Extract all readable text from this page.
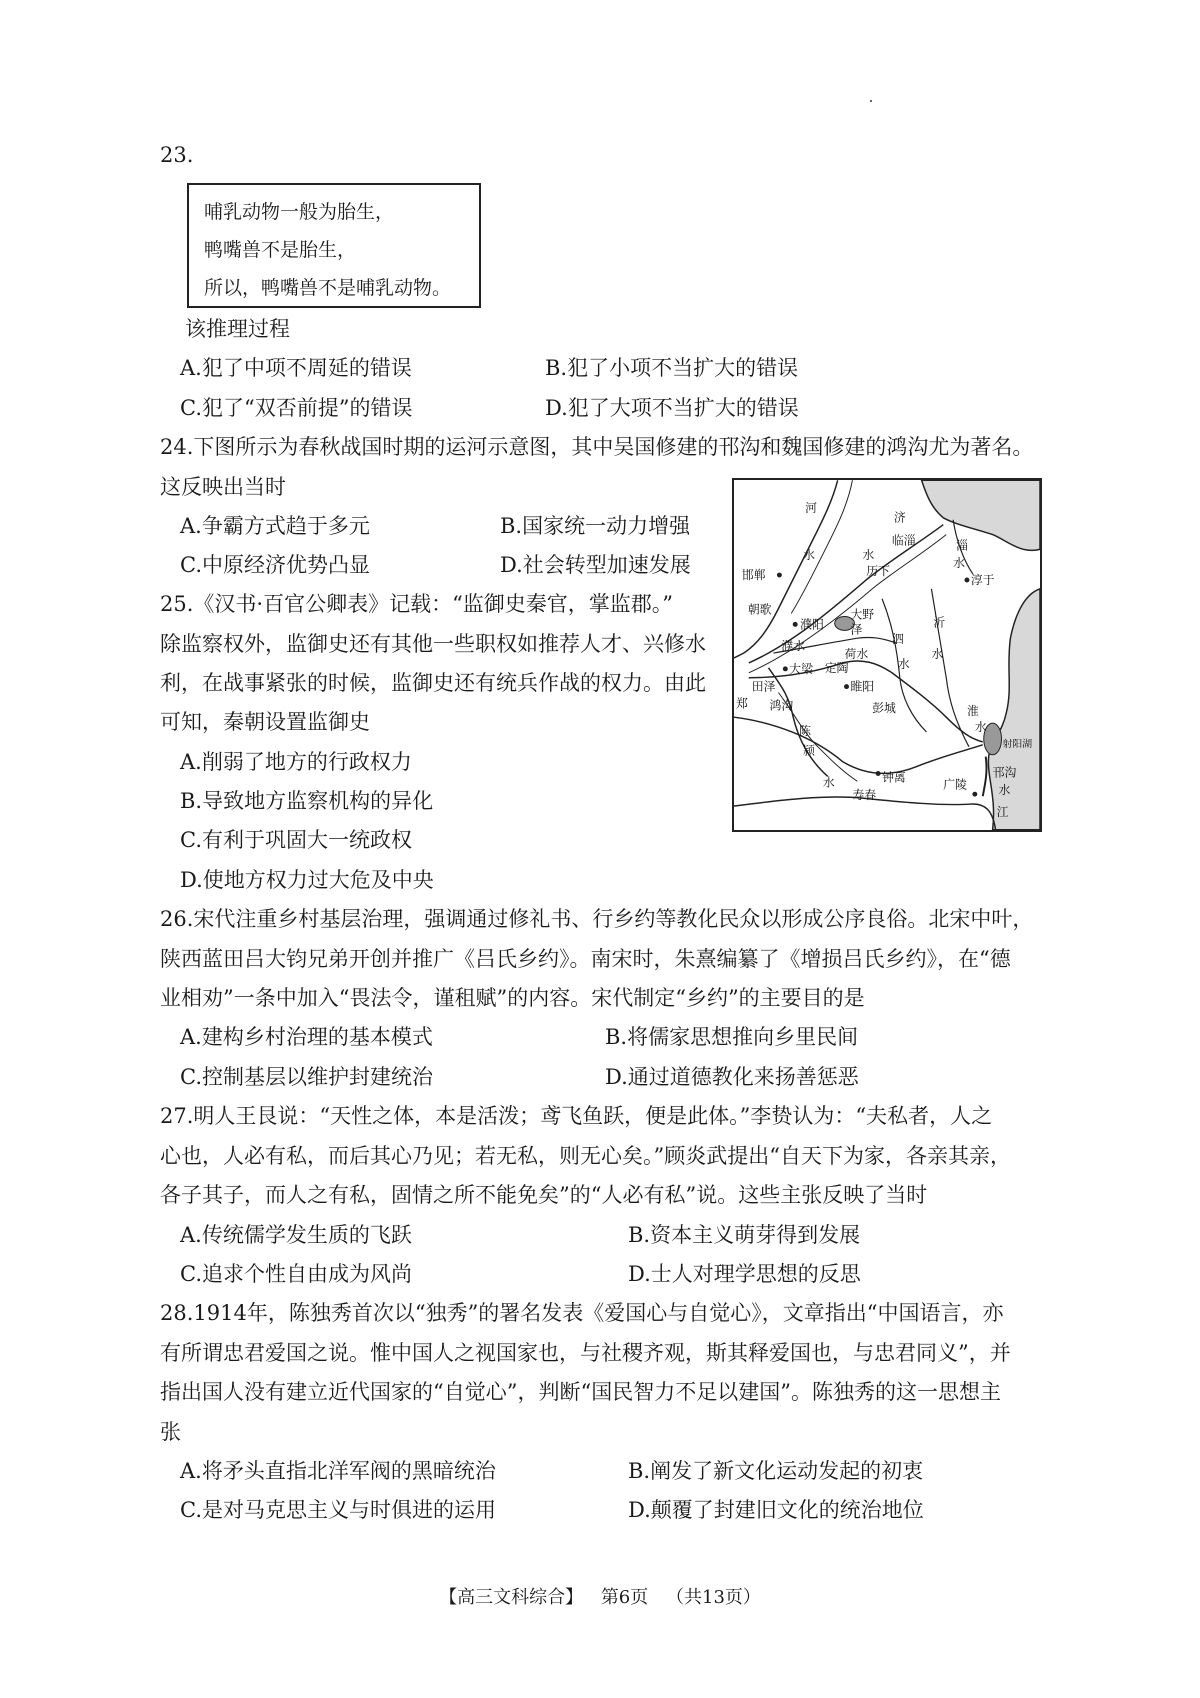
23.
哺乳动物一般为胎生，
鸭嘴兽不是胎生，
所以，鸭嘴兽不是哺乳动物。
该推理过程
A.犯了中项不周延的错误	B.犯了小项不当扩大的错误
C.犯了“双否前提”的错误	D.犯了大项不当扩大的错误
24.下图所示为春秋战国时期的运河示意图，其中吴国修建的邗沟和魏国修建的鸿沟尤为著名。
这反映出当时
A.争霸方式趋于多元	B.国家统一动力增强
C.中原经济优势凸显	D.社会转型加速发展
河
水
济
水
临淄
历下
淄
水
淳于
邯郸
朝歌
濮阳
大野
泽	沂
水
濮水
荷水
泗
水
大梁 定陶
田泽	睢阳
郑 鸿沟	彭城
陈
颍
淮
水
水	钟离
寿春
广陵
邗沟
江
水
射阳湖
25.《汉书·百官公卿表》记载：“监御史秦官，掌监郡。”
除监察权外，监御史还有其他一些职权如推荐人才、兴修水
利，在战事紧张的时候，监御史还有统兵作战的权力。由此
可知，秦朝设置监御史
A.削弱了地方的行政权力
B.导致地方监察机构的异化
C.有利于巩固大一统政权
D.使地方权力过大危及中央
26.宋代注重乡村基层治理，强调通过修礼书、行乡约等教化民众以形成公序良俗。北宋中叶，
陕西蓝田吕大钧兄弟开创并推广《吕氏乡约》。南宋时，朱熹编纂了《增损吕氏乡约》，在“德
业相劝”一条中加入“畏法令，谨租赋”的内容。宋代制定“乡约”的主要目的是
A.建构乡村治理的基本模式	B.将儒家思想推向乡里民间
C.控制基层以维护封建统治	D.通过道德教化来扬善惩恶
27.明人王艮说：“天性之体，本是活泼；鸢飞鱼跃，便是此体。”李贽认为：“夫私者，人之
心也，人必有私，而后其心乃见；若无私，则无心矣。”顾炎武提出“自天下为家，各亲其亲，
各子其子，而人之有私，固情之所不能免矣”的“人必有私”说。这些主张反映了当时
A.传统儒学发生质的飞跃	B.资本主义萌芽得到发展
C.追求个性自由成为风尚	D.士人对理学思想的反思
28.1914年，陈独秀首次以“独秀”的署名发表《爱国心与自觉心》，文章指出“中国语言，亦
有所谓忠君爱国之说。惟中国人之视国家也，与社稷齐观，斯其释爱国也，与忠君同义”，并
指出国人没有建立近代国家的“自觉心”，判断“国民智力不足以建国”。陈独秀的这一思想主
张
A.将矛头直指北洋军阀的黑暗统治	B.阐发了新文化运动发起的初衷
C.是对马克思主义与时俱进的运用	D.颠覆了封建旧文化的统治地位
【高三文科综合】 第6页 （共13页）
